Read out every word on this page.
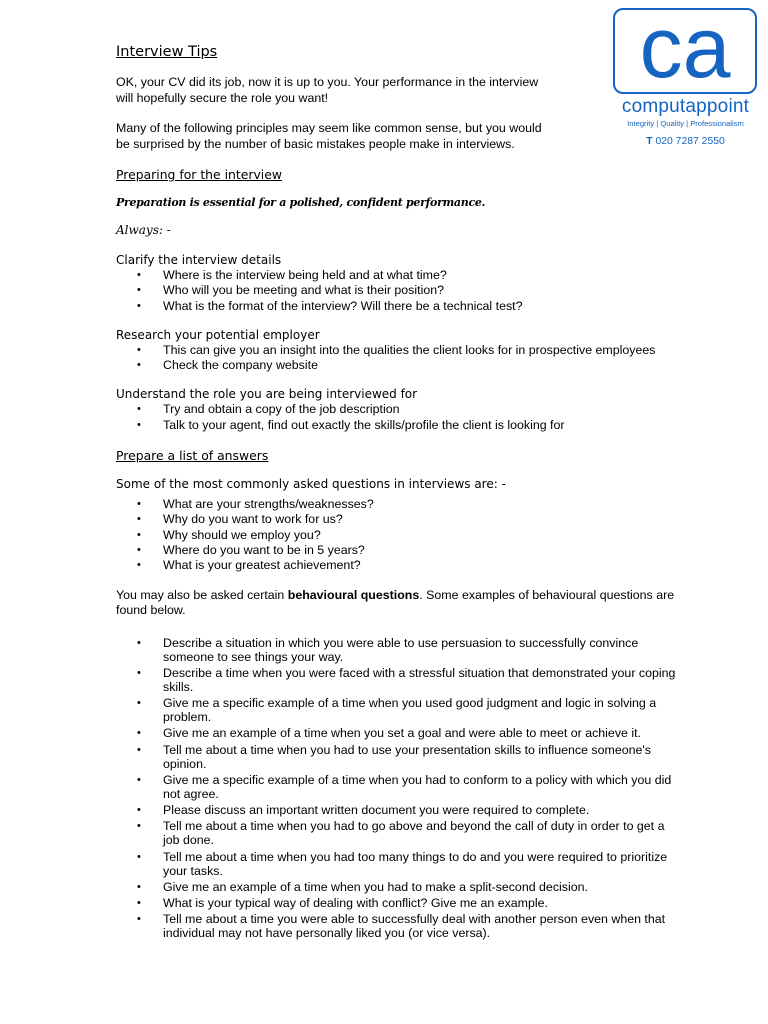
ca
computappoint
Integrity | Quality | Professionalism
T 020 7287 2550
Interview Tips

OK, your CV did its job, now it is up to you. Your performance in the interview will hopefully secure the role you want!

Many of the following principles may seem like common sense, but you would be surprised by the number of basic mistakes people make in interviews.

Preparing for the interview
Preparation is essential for a polished, confident performance.
Always: -
Clarify the interview details
• Where is the interview being held and at what time?
• Who will you be meeting and what is their position?
• What is the format of the interview? Will there be a technical test?
Research your potential employer
• This can give you an insight into the qualities the client looks for in prospective employees
• Check the company website
Understand the role you are being interviewed for
• Try and obtain a copy of the job description
• Talk to your agent, find out exactly the skills/profile the client is looking for
Prepare a list of answers
Some of the most commonly asked questions in interviews are: -
• What are your strengths/weaknesses?
• Why do you want to work for us?
• Why should we employ you?
• Where do you want to be in 5 years?
• What is your greatest achievement?

You may also be asked certain behavioural questions. Some examples of behavioural questions are found below.

• Describe a situation in which you were able to use persuasion to successfully convince someone to see things your way.
• Describe a time when you were faced with a stressful situation that demonstrated your coping skills.
• Give me a specific example of a time when you used good judgment and logic in solving a problem.
• Give me an example of a time when you set a goal and were able to meet or achieve it.
• Tell me about a time when you had to use your presentation skills to influence someone's opinion.
• Give me a specific example of a time when you had to conform to a policy with which you did not agree.
• Please discuss an important written document you were required to complete.
• Tell me about a time when you had to go above and beyond the call of duty in order to get a job done.
• Tell me about a time when you had too many things to do and you were required to prioritize your tasks.
• Give me an example of a time when you had to make a split-second decision.
• What is your typical way of dealing with conflict? Give me an example.
• Tell me about a time you were able to successfully deal with another person even when that individual may not have personally liked you (or vice versa).
